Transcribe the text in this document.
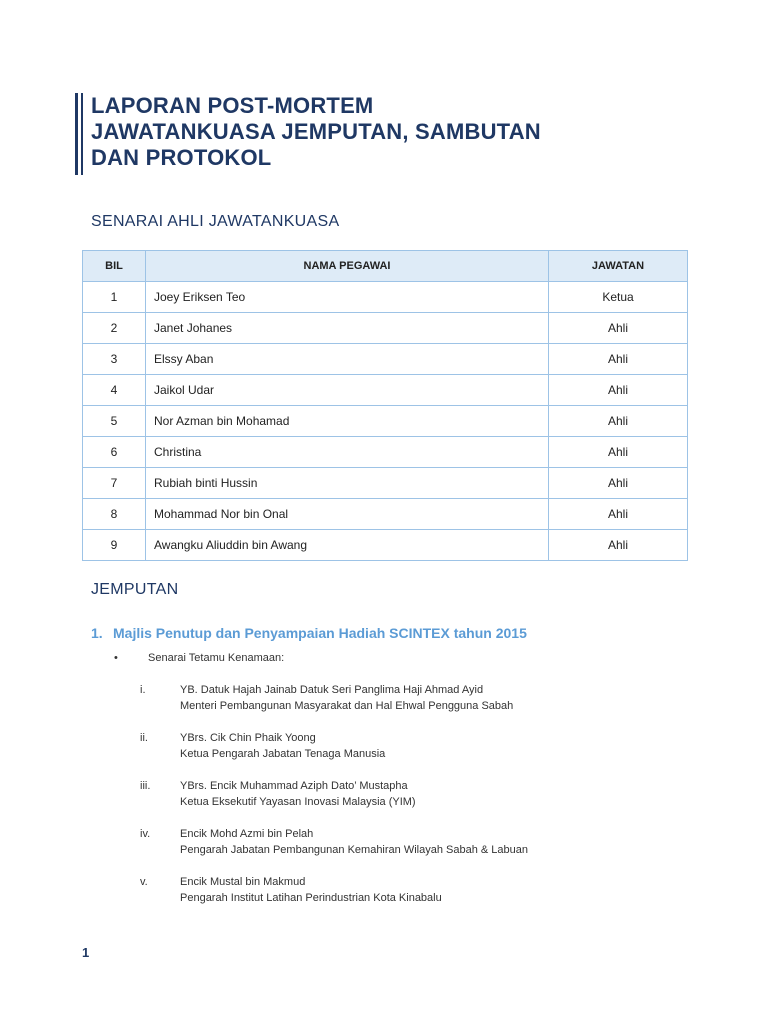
LAPORAN POST-MORTEM
JAWATANKUASA JEMPUTAN, SAMBUTAN
DAN PROTOKOL
SENARAI AHLI JAWATANKUASA
BIL	NAMA PEGAWAI	JAWATAN
1	Joey Eriksen Teo	Ketua
2	Janet Johanes	Ahli
3	Elssy Aban	Ahli
4	Jaikol Udar	Ahli
5	Nor Azman bin Mohamad	Ahli
6	Christina	Ahli
7	Rubiah binti Hussin	Ahli
8	Mohammad Nor bin Onal	Ahli
9	Awangku Aliuddin bin Awang	Ahli
JEMPUTAN
1. Majlis Penutup dan Penyampaian Hadiah SCINTEX tahun 2015
•	Senarai Tetamu Kenamaan:
i.	YB. Datuk Hajah Jainab Datuk Seri Panglima Haji Ahmad Ayid
Menteri Pembangunan Masyarakat dan Hal Ehwal Pengguna Sabah
ii.	YBrs. Cik Chin Phaik Yoong
Ketua Pengarah Jabatan Tenaga Manusia
iii.	YBrs. Encik Muhammad Aziph Dato’ Mustapha
Ketua Eksekutif Yayasan Inovasi Malaysia (YIM)
iv.	Encik Mohd Azmi bin Pelah
Pengarah Jabatan Pembangunan Kemahiran Wilayah Sabah & Labuan
v.	Encik Mustal bin Makmud
Pengarah Institut Latihan Perindustrian Kota Kinabalu
1
